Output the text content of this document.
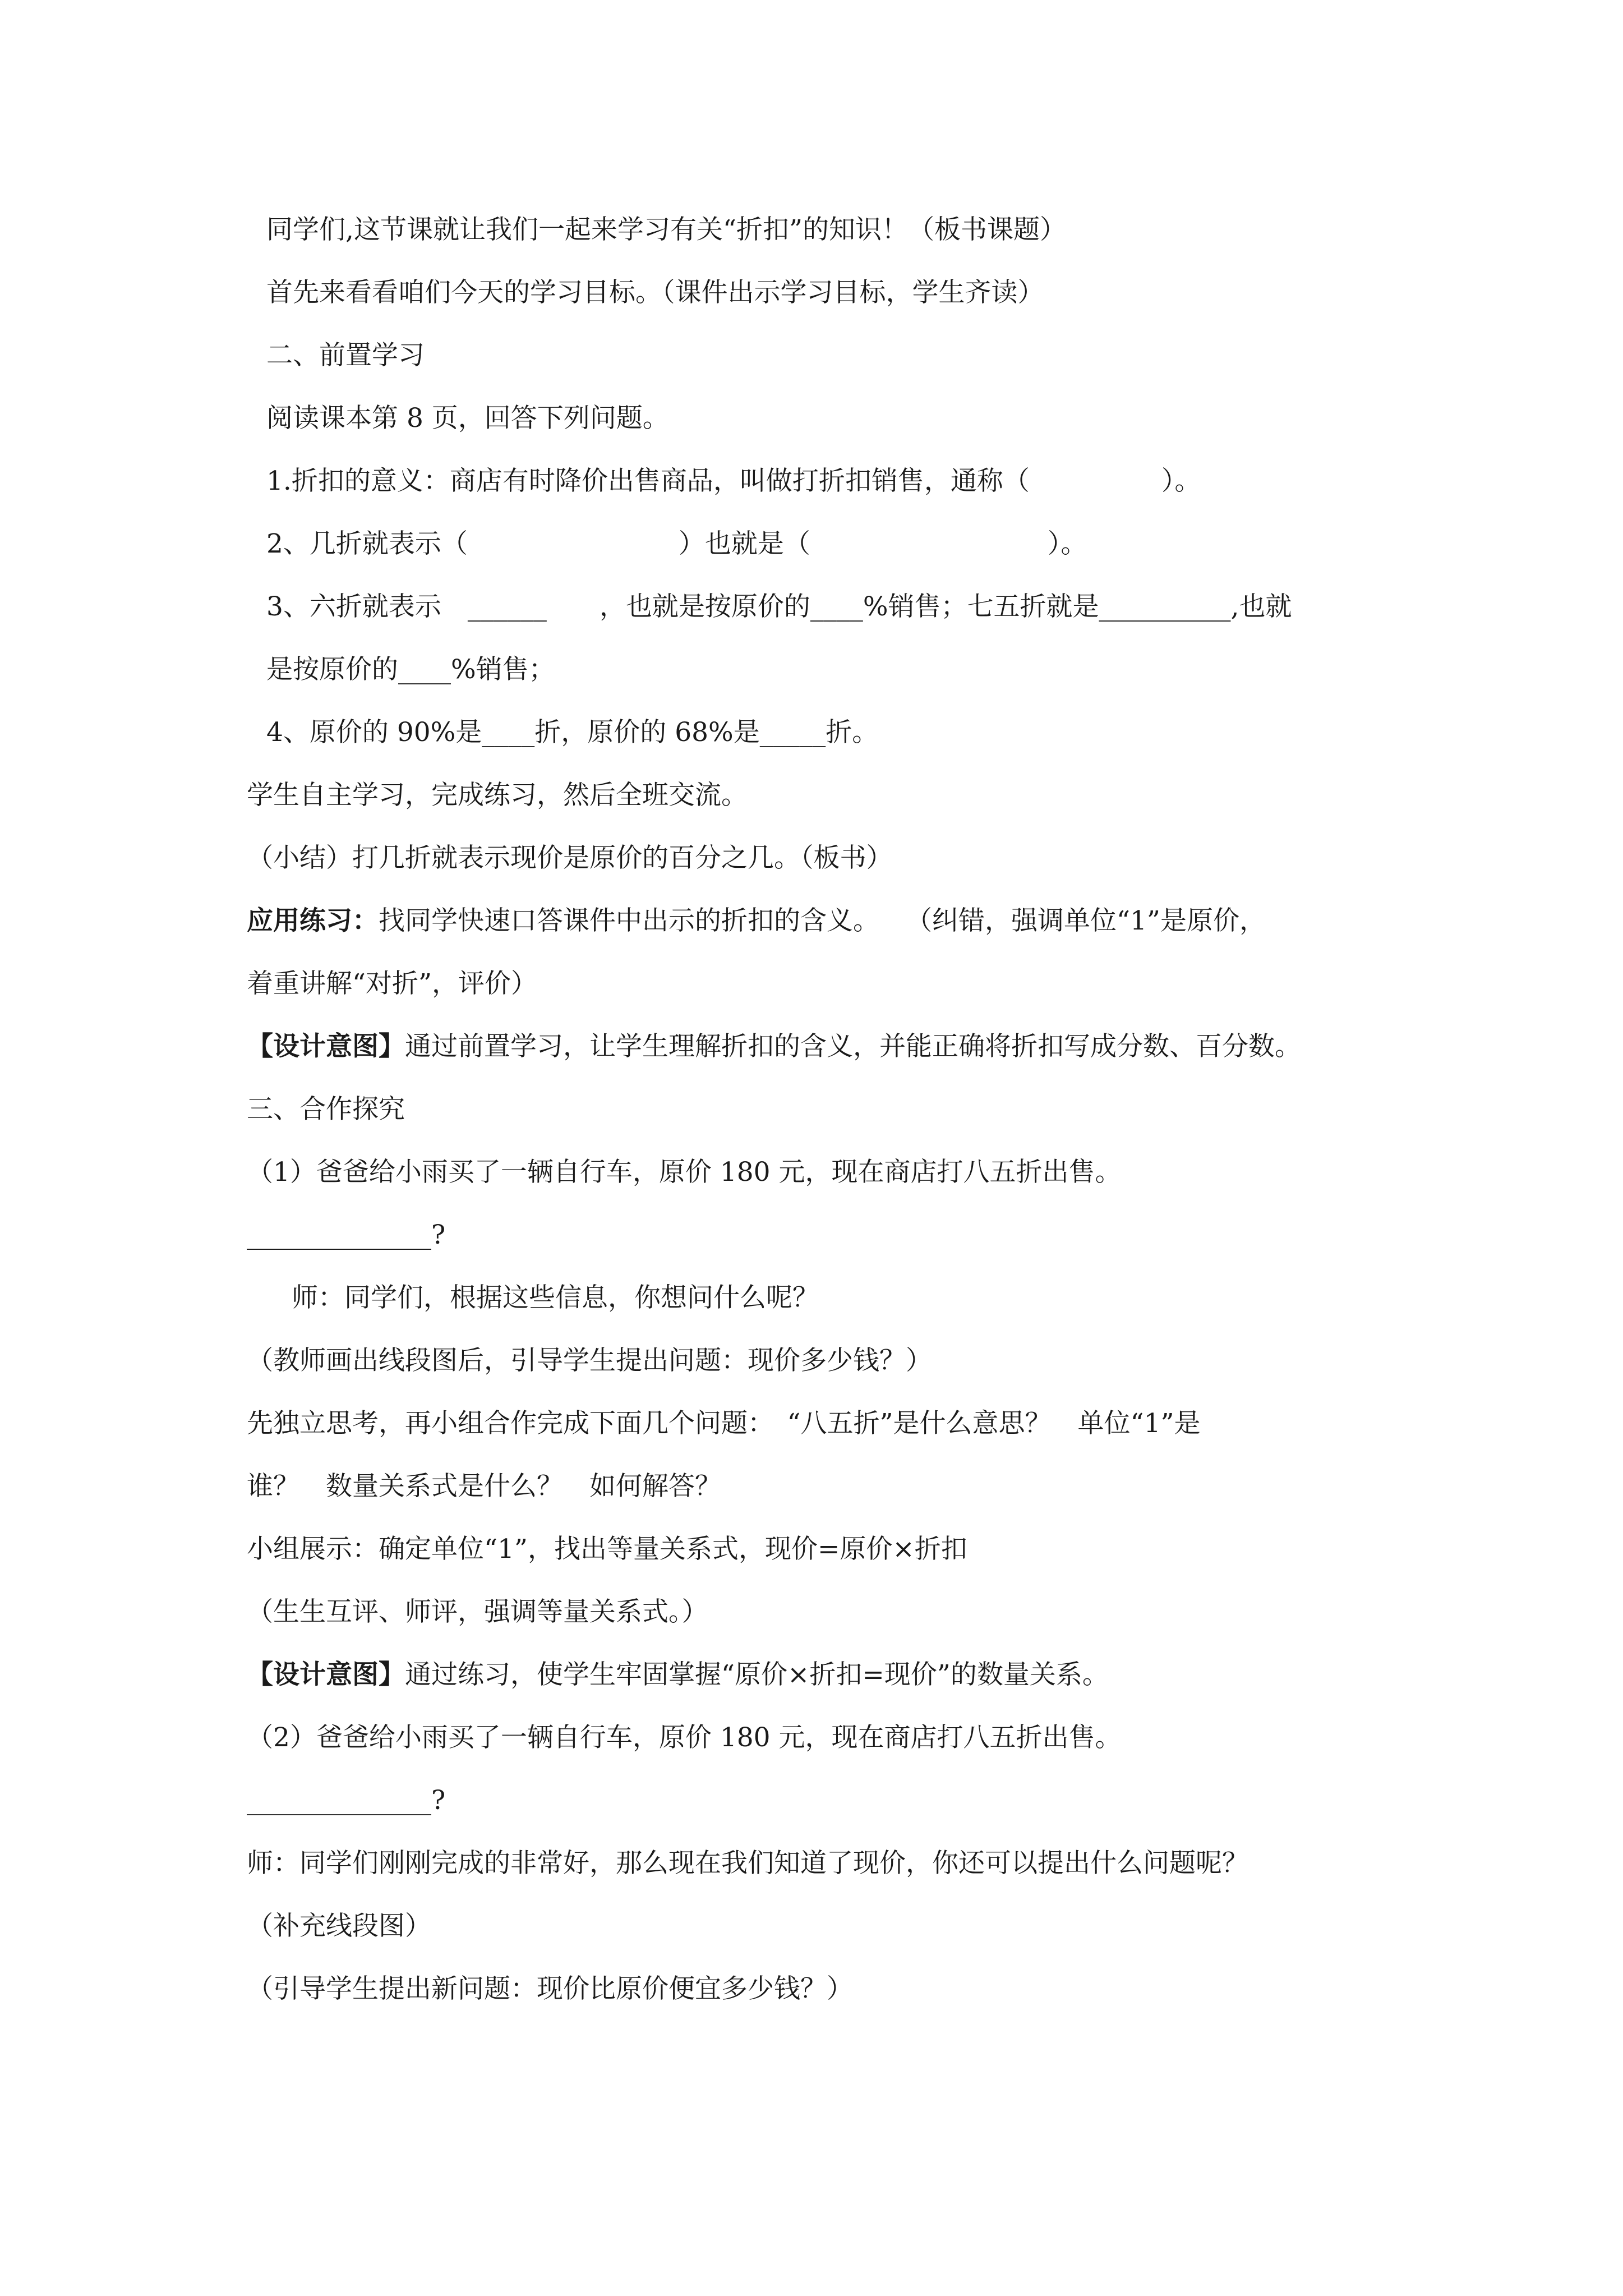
同学们,这节课就让我们一起来学习有关“折扣”的知识！（板书课题）
首先来看看咱们今天的学习目标。（课件出示学习目标，学生齐读）
二、前置学习
阅读课本第 8 页，回答下列问题。
1.折扣的意义：商店有时降价出售商品，叫做打折扣销售，通称（　　　　　）。
2、几折就表示（　　　　　　　　）也就是（　　　　　　　　　）。
3、六折就表示　______　　，也就是按原价的____%销售；七五折就是__________,也就
是按原价的____%销售；
4、原价的 90%是____折，原价的 68%是_____折。
学生自主学习，完成练习，然后全班交流。
（小结）打几折就表示现价是原价的百分之几。（板书）
应用练习：找同学快速口答课件中出示的折扣的含义。　　（纠错，强调单位“1”是原价，
着重讲解“对折”，评价）
【设计意图】通过前置学习，让学生理解折扣的含义，并能正确将折扣写成分数、百分数。
三、合作探究
（1）爸爸给小雨买了一辆自行车，原价 180 元，现在商店打八五折出售。
______________?
师：同学们，根据这些信息，你想问什么呢？
（教师画出线段图后，引导学生提出问题：现价多少钱？）
先独立思考，再小组合作完成下面几个问题：　“八五折”是什么意思？　单位“1”是
谁？　数量关系式是什么？　如何解答？
小组展示：确定单位“1”，找出等量关系式，现价=原价×折扣
（生生互评、师评，强调等量关系式。）
【设计意图】通过练习，使学生牢固掌握“原价×折扣=现价”的数量关系。
（2）爸爸给小雨买了一辆自行车，原价 180 元，现在商店打八五折出售。
______________?
师：同学们刚刚完成的非常好，那么现在我们知道了现价，你还可以提出什么问题呢？
（补充线段图）
（引导学生提出新问题：现价比原价便宜多少钱？）
